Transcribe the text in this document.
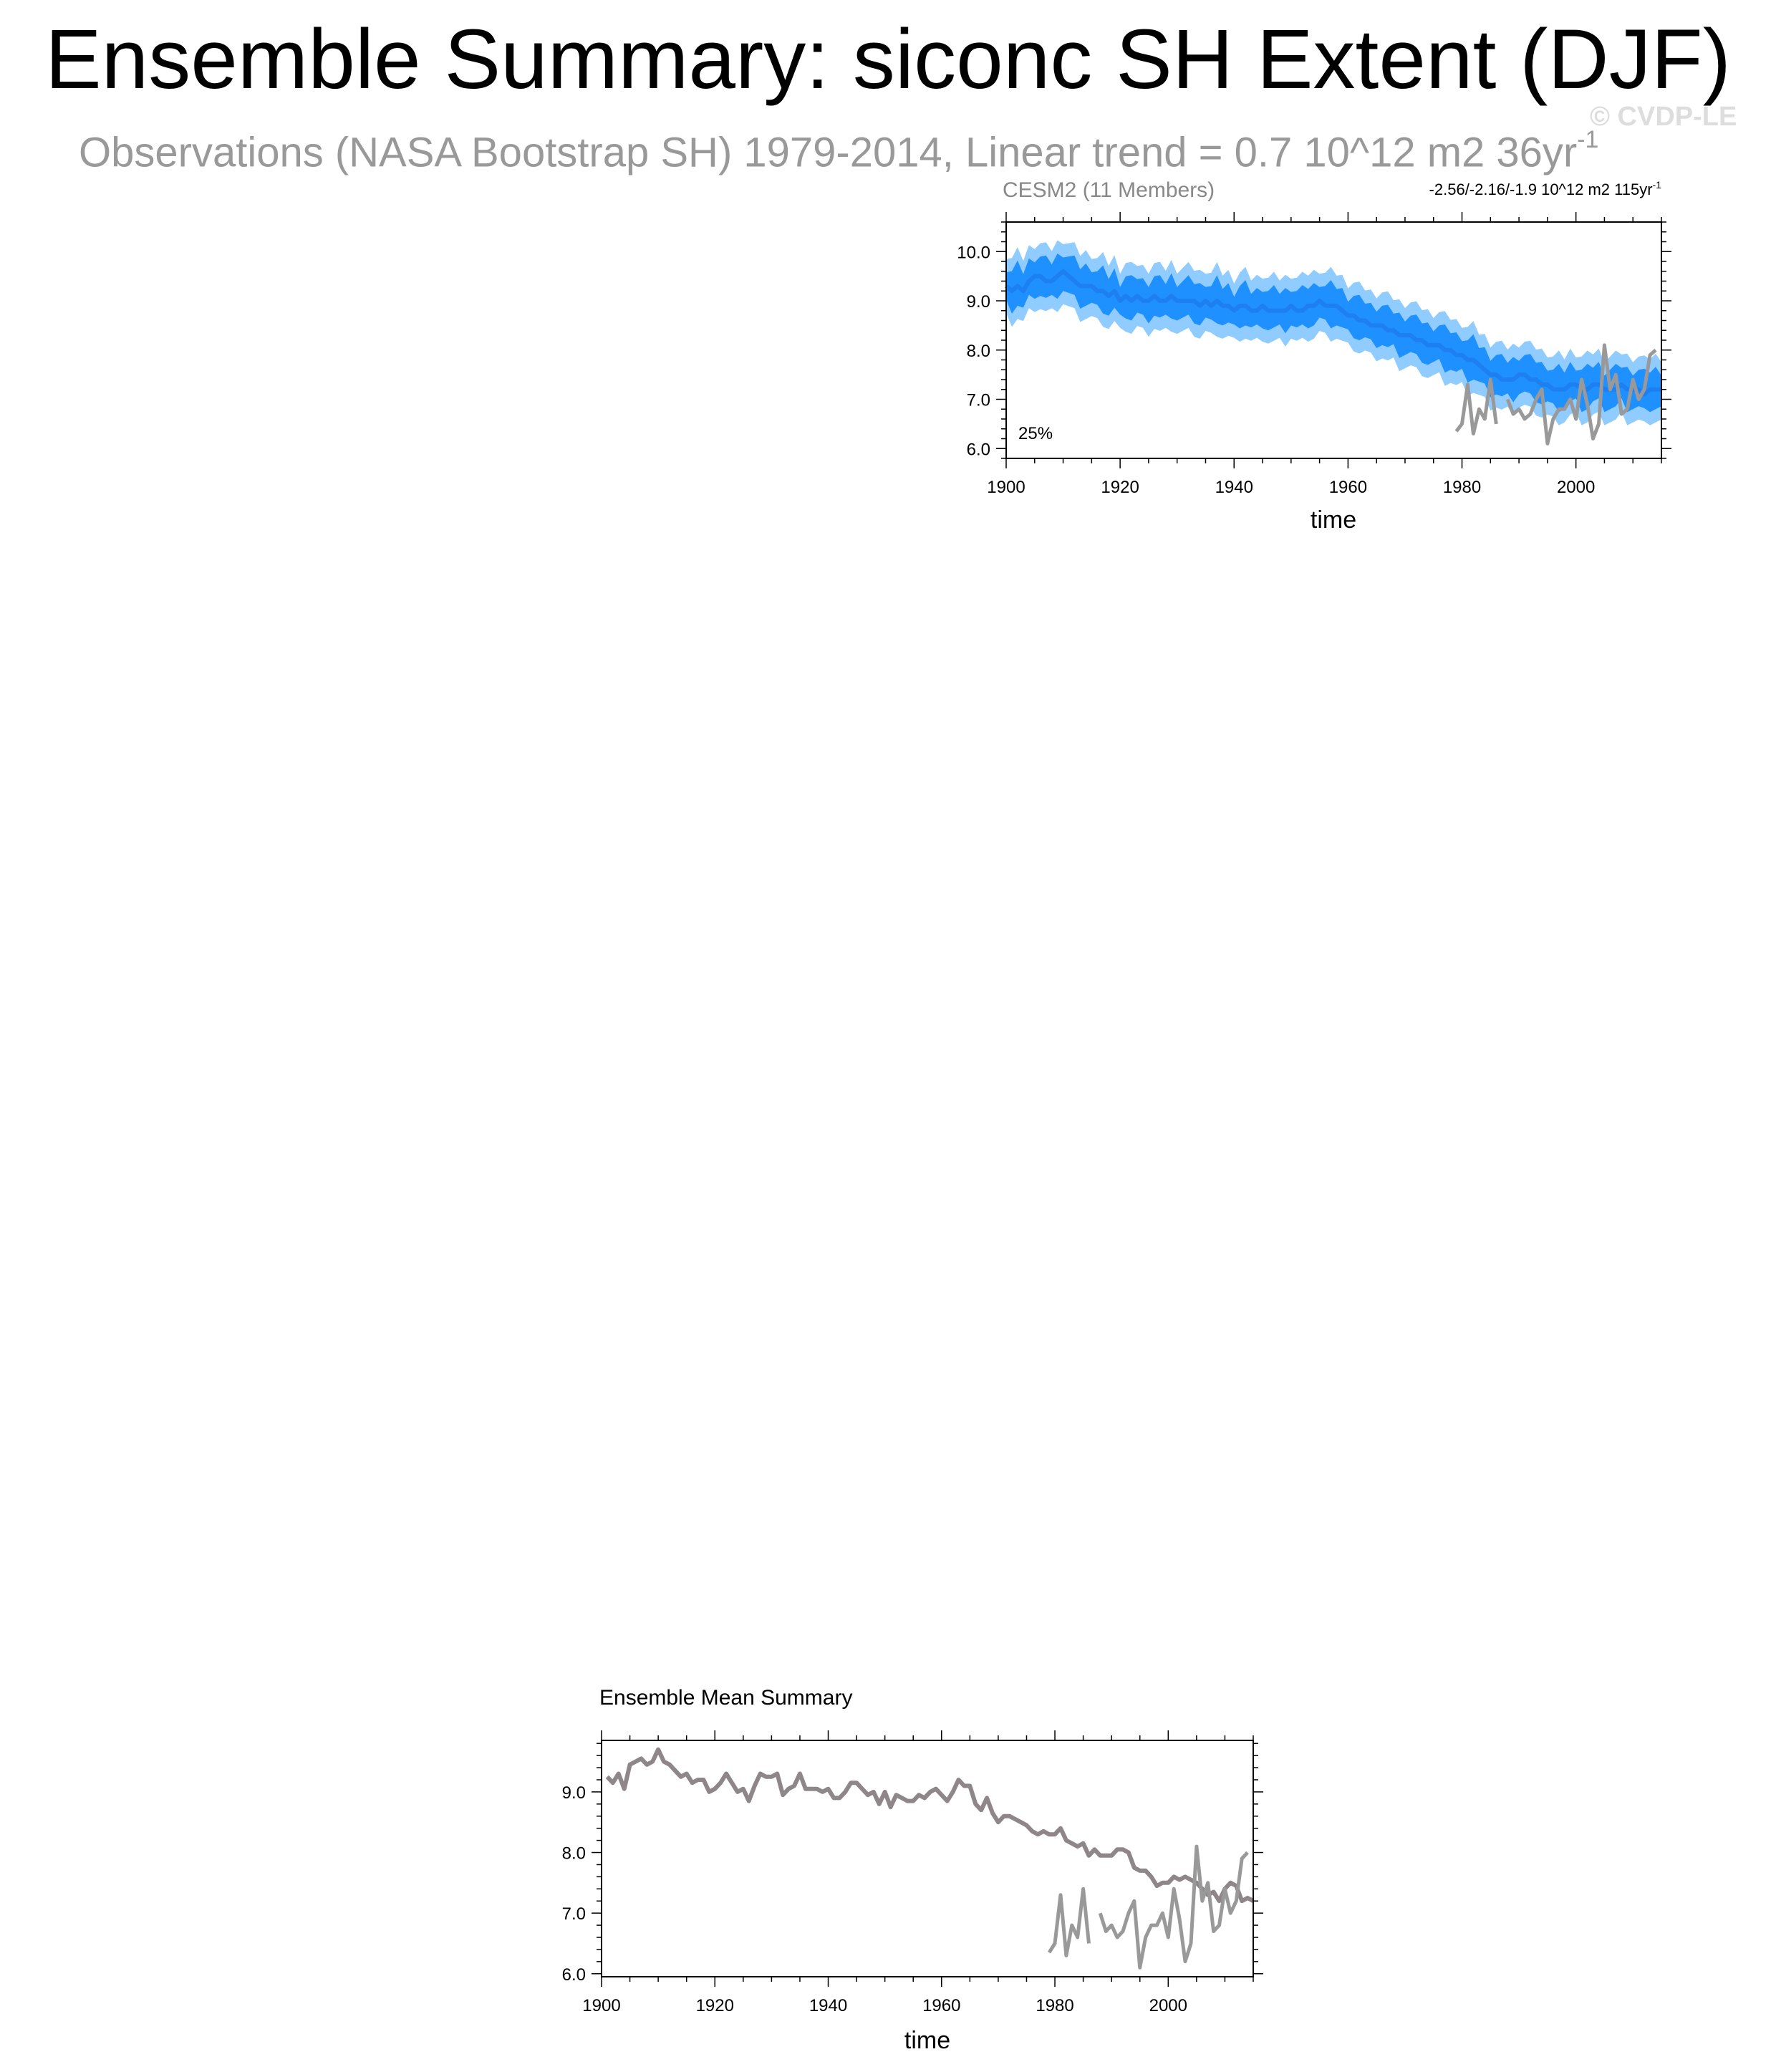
Ensemble Summary: siconc SH Extent (DJF)
Observations (NASA Bootstrap SH) 1979-2014, Linear trend = 0.7 10^12 m2 $36yr^{-1}$
© CVDP-LE
CESM2 (11 Members)	-2.56/-2.16/-1.9 10^12 m2 $115yr^{-1}$
1900	1920	1940	1960	1980	2000
6.0
7.0
8.0
9.0
10.0
25%
time
Ensemble Mean Summary
1900	1920	1940	1960	1980	2000
6.0
7.0
8.0
9.0
time
